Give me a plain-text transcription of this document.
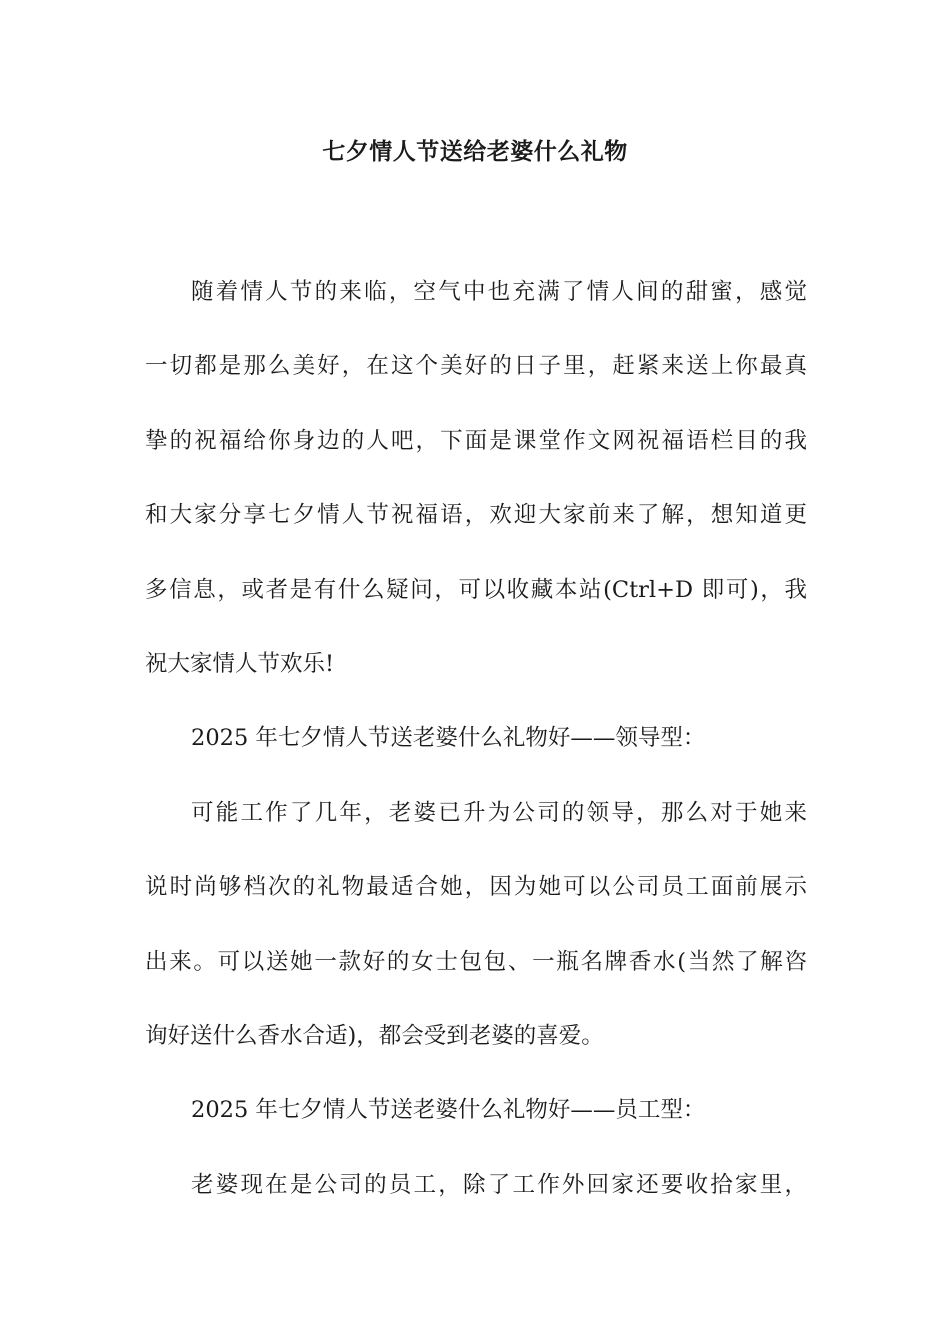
七夕情人节送给老婆什么礼物

随着情人节的来临，空气中也充满了情人间的甜蜜，感觉
一切都是那么美好，在这个美好的日子里，赶紧来送上你最真
挚的祝福给你身边的人吧，下面是课堂作文网祝福语栏目的我
和大家分享七夕情人节祝福语，欢迎大家前来了解，想知道更
多信息，或者是有什么疑问，可以收藏本站(Ctrl+D 即可)，我
祝大家情人节欢乐!

2025 年七夕情人节送老婆什么礼物好——领导型：

可能工作了几年，老婆已升为公司的领导，那么对于她来
说时尚够档次的礼物最适合她，因为她可以公司员工面前展示
出来。可以送她一款好的女士包包、一瓶名牌香水(当然了解咨
询好送什么香水合适)，都会受到老婆的喜爱。

2025 年七夕情人节送老婆什么礼物好——员工型：

老婆现在是公司的员工，除了工作外回家还要收拾家里，
